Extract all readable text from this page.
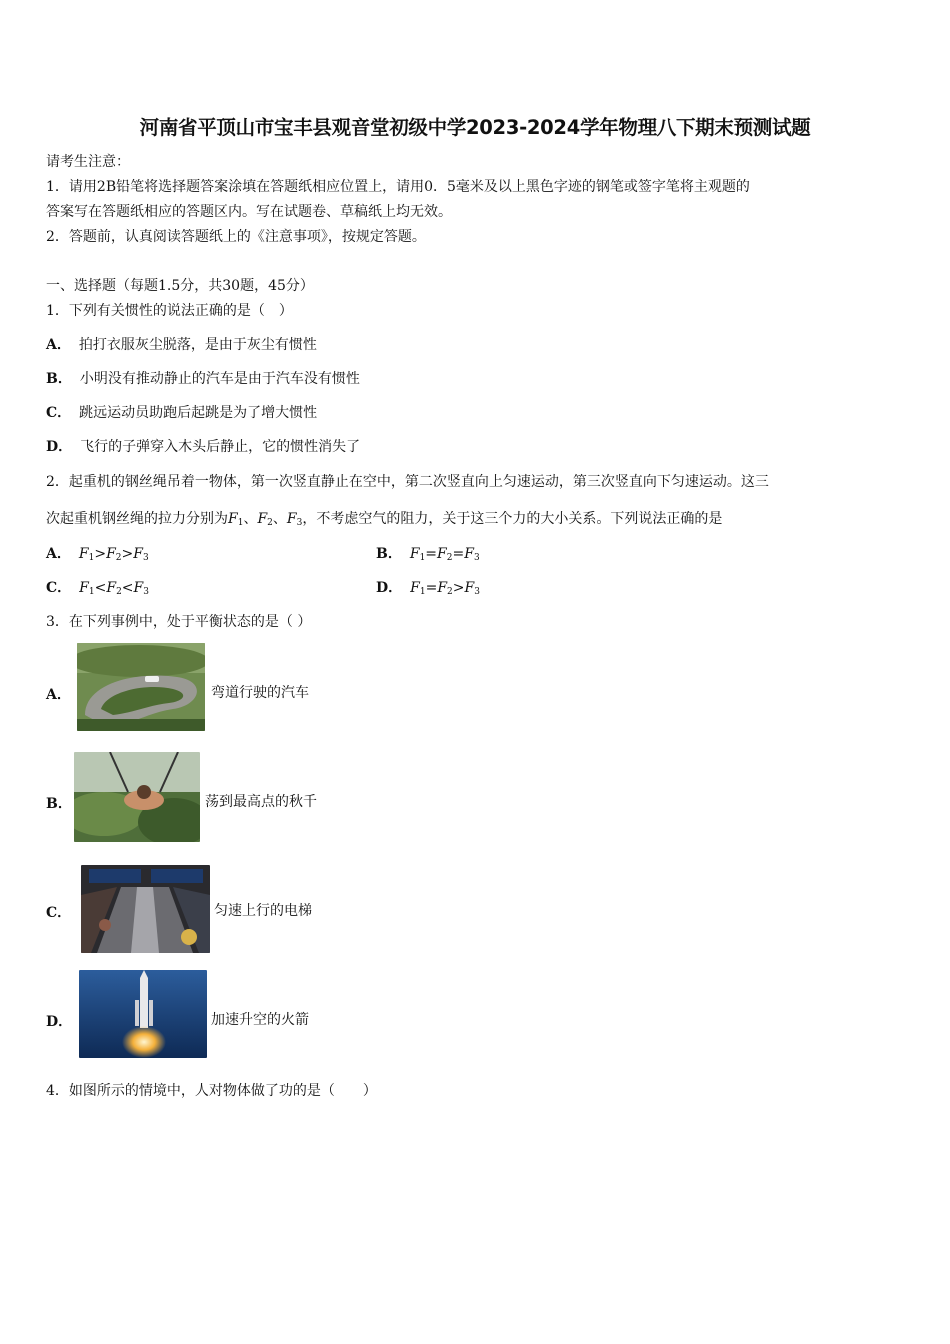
河南省平顶山市宝丰县观音堂初级中学2023-2024学年物理八下期末预测试题
请考生注意：
1．请用2B铅笔将选择题答案涂填在答题纸相应位置上，请用0．5毫米及以上黑色字迹的钢笔或签字笔将主观题的
答案写在答题纸相应的答题区内。写在试题卷、草稿纸上均无效。
2．答题前，认真阅读答题纸上的《注意事项》，按规定答题。
一、选择题（每题1.5分，共30题，45分）
1．下列有关惯性的说法正确的是（　）
A． 拍打衣服灰尘脱落，是由于灰尘有惯性
B． 小明没有推动静止的汽车是由于汽车没有惯性
C． 跳远运动员助跑后起跳是为了增大惯性
D． 飞行的子弹穿入木头后静止，它的惯性消失了
2．起重机的钢丝绳吊着一物体，第一次竖直静止在空中，第二次竖直向上匀速运动，第三次竖直向下匀速运动。这三
次起重机钢丝绳的拉力分别为$F_1$、$F_2$、$F_3$，不考虑空气的阻力，关于这三个力的大小关系。下列说法正确的是
A． $F_1>F_2>F_3$	B． $F_1=F_2=F_3$
C． $F_1<F_2<F_3$	D． $F_1=F_2>F_3$
3．在下列事例中，处于平衡状态的是（ ）
A．	弯道行驶的汽车
B．	荡到最高点的秋千
C．	匀速上行的电梯
D．	加速升空的火箭
4．如图所示的情境中，人对物体做了功的是（　　）
